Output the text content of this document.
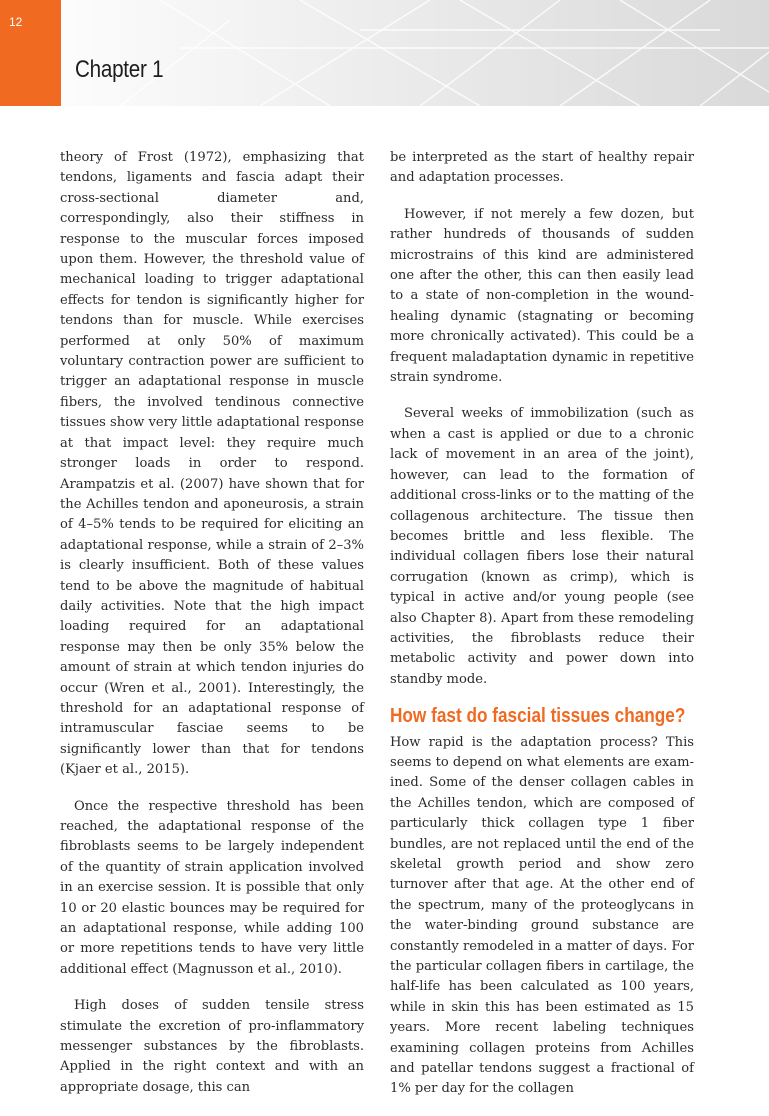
12
Chapter 1

theory of Frost (1972), emphasizing that tendons, ligaments and fascia adapt their cross-sectional diameter and, correspondingly, also their stiffness in response to the muscular forces imposed upon them. However, the threshold value of mechanical loading to trigger adaptational effects for tendon is significantly higher for tendons than for muscle. While exercises performed at only 50% of maximum voluntary contraction power are sufficient to trigger an adaptational response in muscle fibers, the involved tendinous connective tissues show very little adaptational response at that impact level: they require much stronger loads in order to respond. Arampatzis et al. (2007) have shown that for the Achilles tendon and aponeurosis, a strain of 4–5% tends to be required for eliciting an adaptational response, while a strain of 2–3% is clearly insufficient. Both of these values tend to be above the magnitude of habitual daily activities. Note that the high impact loading required for an adaptational response may then be only 35% below the amount of strain at which tendon injuries do occur (Wren et al., 2001). Interestingly, the threshold for an adaptational response of intramuscular fasciae seems to be significantly lower than that for tendons (Kjaer et al., 2015).

Once the respective threshold has been reached, the adaptational response of the fibroblasts seems to be largely independent of the quantity of strain application involved in an exercise session. It is possible that only 10 or 20 elastic bounces may be required for an adaptational response, while adding 100 or more repetitions tends to have very little additional effect (Magnusson et al., 2010).

High doses of sudden tensile stress stimulate the excretion of pro-inflammatory messenger substances by the fibroblasts. Applied in the right context and with an appropriate dosage, this can

be interpreted as the start of healthy repair and adaptation processes.

However, if not merely a few dozen, but rather hundreds of thousands of sudden microstrains of this kind are administered one after the other, this can then easily lead to a state of non-completion in the wound-healing dynamic (stagnating or becoming more chronically activated). This could be a frequent maladaptation dynamic in repetitive strain syndrome.

Several weeks of immobilization (such as when a cast is applied or due to a chronic lack of movement in an area of the joint), however, can lead to the formation of additional cross-links or to the matting of the collagenous architecture. The tissue then becomes brittle and less flexible. The individual collagen fibers lose their natural corrugation (known as crimp), which is typical in active and/or young people (see also Chapter 8). Apart from these remodeling activities, the fibroblasts reduce their metabolic activity and power down into standby mode.

How fast do fascial tissues change?

How rapid is the adaptation process? This seems to depend on what elements are examined. Some of the denser collagen cables in the Achilles tendon, which are composed of particularly thick collagen type 1 fiber bundles, are not replaced until the end of the skeletal growth period and show zero turnover after that age. At the other end of the spectrum, many of the proteoglycans in the water-binding ground substance are constantly remodeled in a matter of days. For the particular collagen fibers in cartilage, the half-life has been calculated as 100 years, while in skin this has been estimated as 15 years. More recent labeling techniques examining collagen proteins from Achilles and patellar tendons suggest a fractional of 1% per day for the collagen
